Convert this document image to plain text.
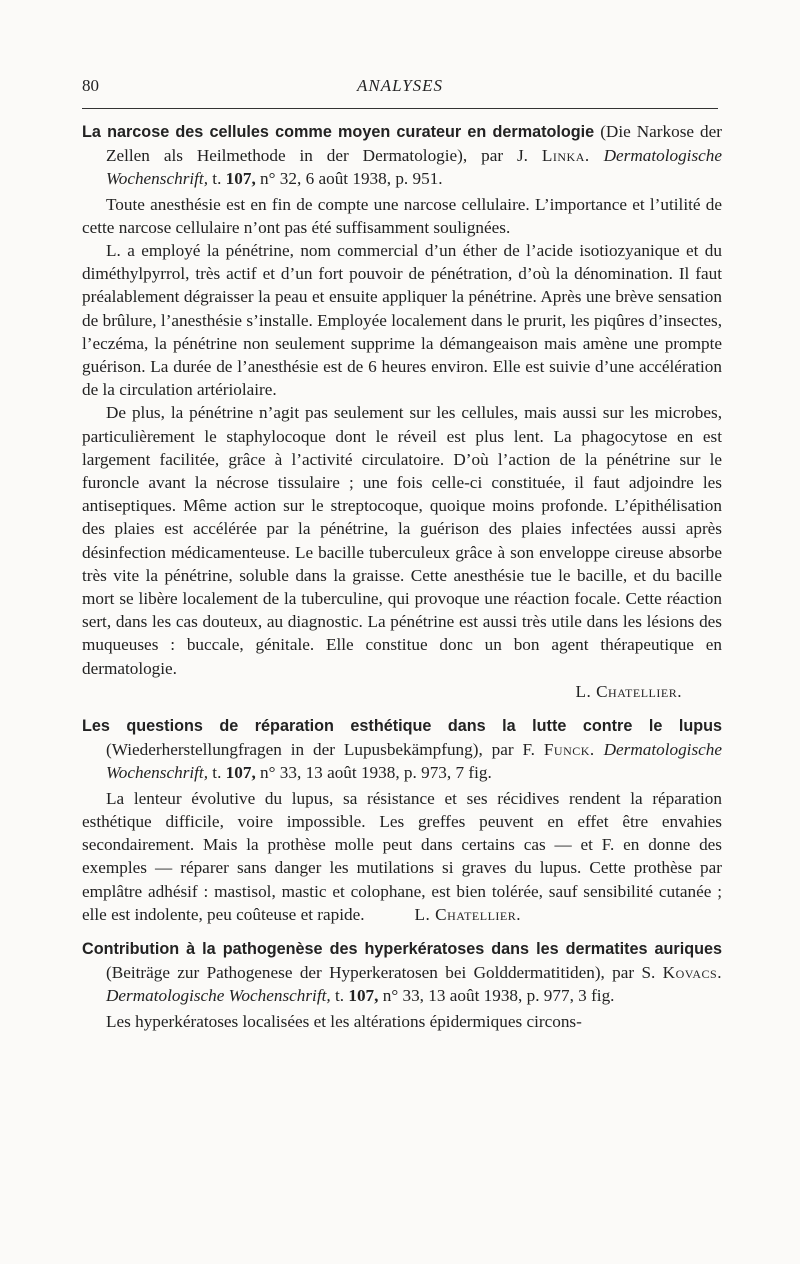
80	ANALYSES

La narcose des cellules comme moyen curateur en dermatologie (Die Narkose der Zellen als Heilmethode in der Dermatologie), par J. Linka. Dermatologische Wochenschrift, t. 107, n° 32, 6 août 1938, p. 951.

Toute anesthésie est en fin de compte une narcose cellulaire. L’importance et l’utilité de cette narcose cellulaire n’ont pas été suffisamment soulignées.

L. a employé la pénétrine, nom commercial d’un éther de l’acide isotiozyanique et du diméthylpyrrol, très actif et d’un fort pouvoir de pénétration, d’où la dénomination. Il faut préalablement dégraisser la peau et ensuite appliquer la pénétrine. Après une brève sensation de brûlure, l’anesthésie s’installe. Employée localement dans le prurit, les piqûres d’insectes, l’eczéma, la pénétrine non seulement supprime la démangeaison mais amène une prompte guérison. La durée de l’anesthésie est de 6 heures environ. Elle est suivie d’une accélération de la circulation artériolaire.

De plus, la pénétrine n’agit pas seulement sur les cellules, mais aussi sur les microbes, particulièrement le staphylocoque dont le réveil est plus lent. La phagocytose en est largement facilitée, grâce à l’activité circulatoire. D’où l’action de la pénétrine sur le furoncle avant la nécrose tissulaire ; une fois celle-ci constituée, il faut adjoindre les antiseptiques. Même action sur le streptocoque, quoique moins profonde. L’épithélisation des plaies est accélérée par la pénétrine, la guérison des plaies infectées aussi après désinfection médicamenteuse. Le bacille tuberculeux grâce à son enveloppe cireuse absorbe très vite la pénétrine, soluble dans la graisse. Cette anesthésie tue le bacille, et du bacille mort se libère localement de la tuberculine, qui provoque une réaction focale. Cette réaction sert, dans les cas douteux, au diagnostic. La pénétrine est aussi très utile dans les lésions des muqueuses : buccale, génitale. Elle constitue donc un bon agent thérapeutique en dermatologie.

L. Chatellier.

Les questions de réparation esthétique dans la lutte contre le lupus (Wiederherstellungfragen in der Lupusbekämpfung), par F. Funck. Dermatologische Wochenschrift, t. 107, n° 33, 13 août 1938, p. 973, 7 fig.

La lenteur évolutive du lupus, sa résistance et ses récidives rendent la réparation esthétique difficile, voire impossible. Les greffes peuvent en effet être envahies secondairement. Mais la prothèse molle peut dans certains cas — et F. en donne des exemples — réparer sans danger les mutilations si graves du lupus. Cette prothèse par emplâtre adhésif : mastisol, mastic et colophane, est bien tolérée, sauf sensibilité cutanée ; elle est indolente, peu coûteuse et rapide.	L. Chatellier.

Contribution à la pathogenèse des hyperkératoses dans les dermatites auriques (Beiträge zur Pathogenese der Hyperkeratosen bei Golddermatitiden), par S. Kovacs. Dermatologische Wochenschrift, t. 107, n° 33, 13 août 1938, p. 977, 3 fig.

Les hyperkératoses localisées et les altérations épidermiques circons-
